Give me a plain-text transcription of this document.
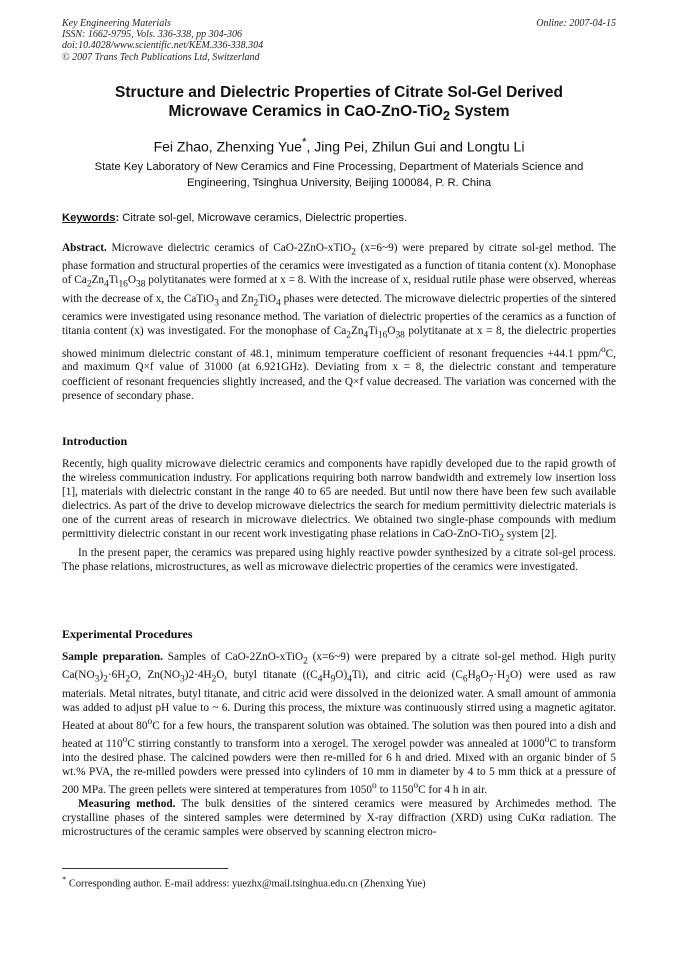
Key Engineering Materials
ISSN: 1662-9795, Vols. 336-338, pp 304-306
doi:10.4028/www.scientific.net/KEM.336-338.304
© 2007 Trans Tech Publications Ltd, Switzerland
Online: 2007-04-15
Structure and Dielectric Properties of Citrate Sol-Gel Derived
Microwave Ceramics in CaO-ZnO-TiO$_2$ System
Fei Zhao, Zhenxing Yue*, Jing Pei, Zhilun Gui and Longtu Li
State Key Laboratory of New Ceramics and Fine Processing, Department of Materials Science and Engineering, Tsinghua University, Beijing 100084, P. R. China
Keywords: Citrate sol-gel, Microwave ceramics, Dielectric properties.

Abstract. Microwave dielectric ceramics of CaO-2ZnO-xTiO$_2$ (x=6~9) were prepared by citrate sol-gel method. The phase formation and structural properties of the ceramics were investigated as a function of titania content (x). Monophase of $Ca_2Zn_4Ti_{16}O_{38}$ polytitanates were formed at x = 8. With the increase of x, residual rutile phase were observed, whereas with the decrease of x, the CaTiO$_3$ and $Zn_2TiO_4$ phases were detected. The microwave dielectric properties of the sintered ceramics were investigated using resonance method. The variation of dielectric properties of the ceramics as a function of titania content (x) was investigated. For the monophase of $Ca_2Zn_4Ti_{16}O_{38}$ polytitanate at x = 8, the dielectric properties showed minimum dielectric constant of 48.1, minimum temperature coefficient of resonant frequencies +44.1 ppm/$^o$C, and maximum Q×f value of 31000 (at 6.921GHz). Deviating from x = 8, the dielectric constant and temperature coefficient of resonant frequencies slightly increased, and the Q×f value decreased. The variation was concerned with the presence of secondary phase.

Introduction

Recently, high quality microwave dielectric ceramics and components have rapidly developed due to the rapid growth of the wireless communication industry. For applications requiring both narrow bandwidth and extremely low insertion loss [1], materials with dielectric constant in the range 40 to 65 are needed. But until now there have been few such available dielectrics. As part of the drive to develop microwave dielectrics the search for medium permittivity dielectric materials is one of the current areas of research in microwave dielectrics. We obtained two single-phase compounds with medium permittivity dielectric constant in our recent work investigating phase relations in CaO-ZnO-TiO$_2$ system [2].

In the present paper, the ceramics was prepared using highly reactive powder synthesized by a citrate sol-gel process. The phase relations, microstructures, as well as microwave dielectric properties of the ceramics were investigated.

Experimental Procedures

Sample preparation. Samples of CaO-2ZnO-xTiO$_2$ (x=6~9) were prepared by a citrate sol-gel method. High purity $Ca(NO_3)_2\cdot 6H_2O$, $Zn(NO_3)2\cdot 4H_2O$, butyl titanate $((C_4H_9O)_4Ti)$, and citric acid $(C_6H_8O_7\cdot H_2O)$ were used as raw materials. Metal nitrates, butyl titanate, and citric acid were dissolved in the deionized water. A small amount of ammonia was added to adjust pH value to ~ 6. During this process, the mixture was continuously stirred using a magnetic agitator. Heated at about 80$^o$C for a few hours, the transparent solution was obtained. The solution was then poured into a dish and heated at 110$^o$C stirring constantly to transform into a xerogel. The xerogel powder was annealed at 1000$^o$C to transform into the desired phase. The calcined powders were then re-milled for 6 h and dried. Mixed with an organic binder of 5 wt.% PVA, the re-milled powders were pressed into cylinders of 10 mm in diameter by 4 to 5 mm thick at a pressure of 200 MPa. The green pellets were sintered at temperatures from 1050$^o$ to 1150$^o$C for 4 h in air.

Measuring method. The bulk densities of the sintered ceramics were measured by Archimedes method. The crystalline phases of the sintered samples were determined by X-ray diffraction (XRD) using CuKα radiation. The microstructures of the ceramic samples were observed by scanning electron micro-

* Corresponding author. E-mail address: yuezhx@mail.tsinghua.edu.cn (Zhenxing Yue)
